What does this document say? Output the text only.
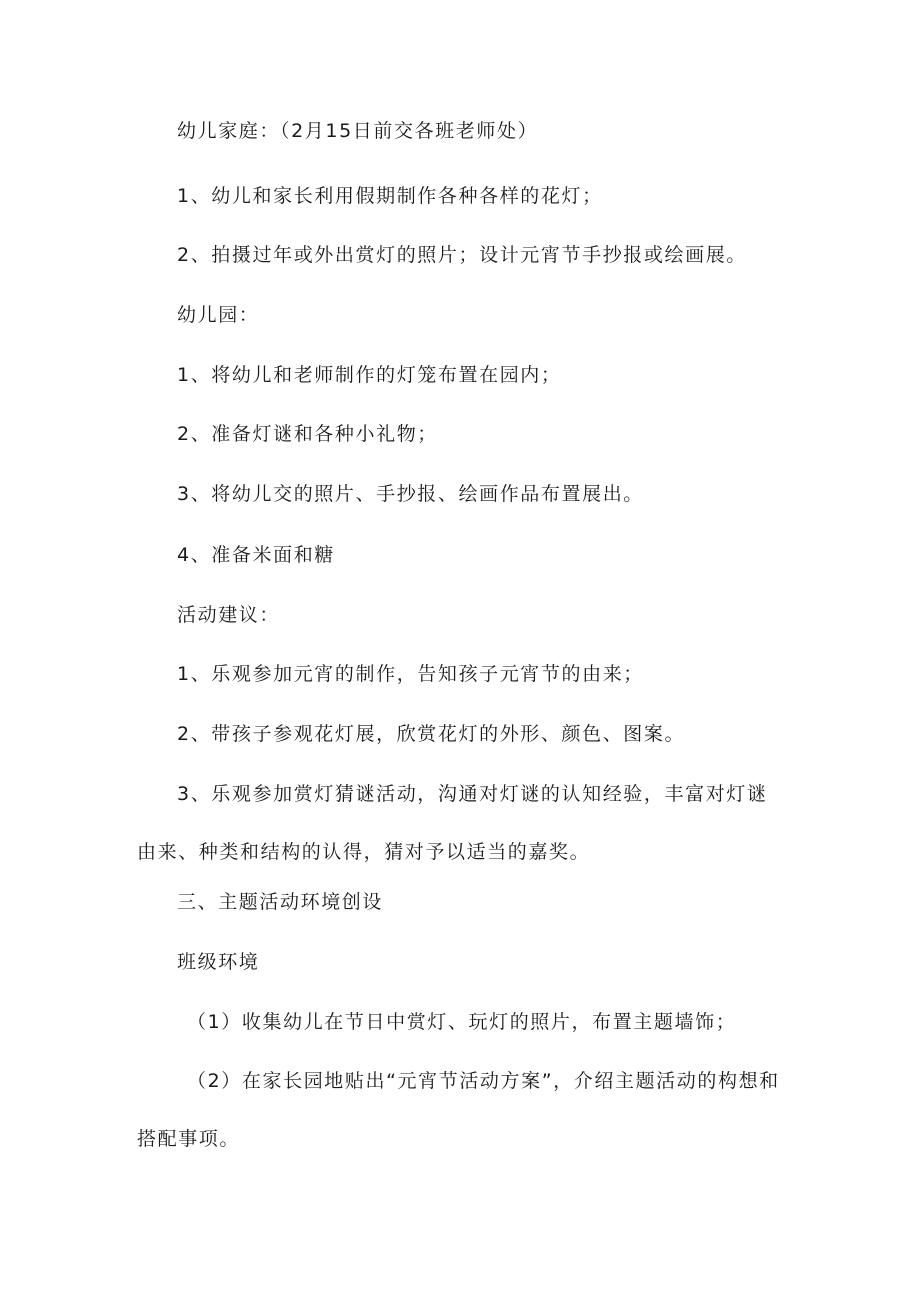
幼儿家庭：（2月15日前交各班老师处）

1、幼儿和家长利用假期制作各种各样的花灯；

2、拍摄过年或外出赏灯的照片；设计元宵节手抄报或绘画展。

幼儿园：

1、将幼儿和老师制作的灯笼布置在园内；

2、准备灯谜和各种小礼物；

3、将幼儿交的照片、手抄报、绘画作品布置展出。

4、准备米面和糖

活动建议：

1、乐观参加元宵的制作，告知孩子元宵节的由来；

2、带孩子参观花灯展，欣赏花灯的外形、颜色、图案。

3、乐观参加赏灯猜谜活动，沟通对灯谜的认知经验，丰富对灯谜由来、种类和结构的认得，猜对予以适当的嘉奖。

三、主题活动环境创设

班级环境

（1）收集幼儿在节日中赏灯、玩灯的照片，布置主题墙饰；

（2）在家长园地贴出“元宵节活动方案”，介绍主题活动的构想和搭配事项。
